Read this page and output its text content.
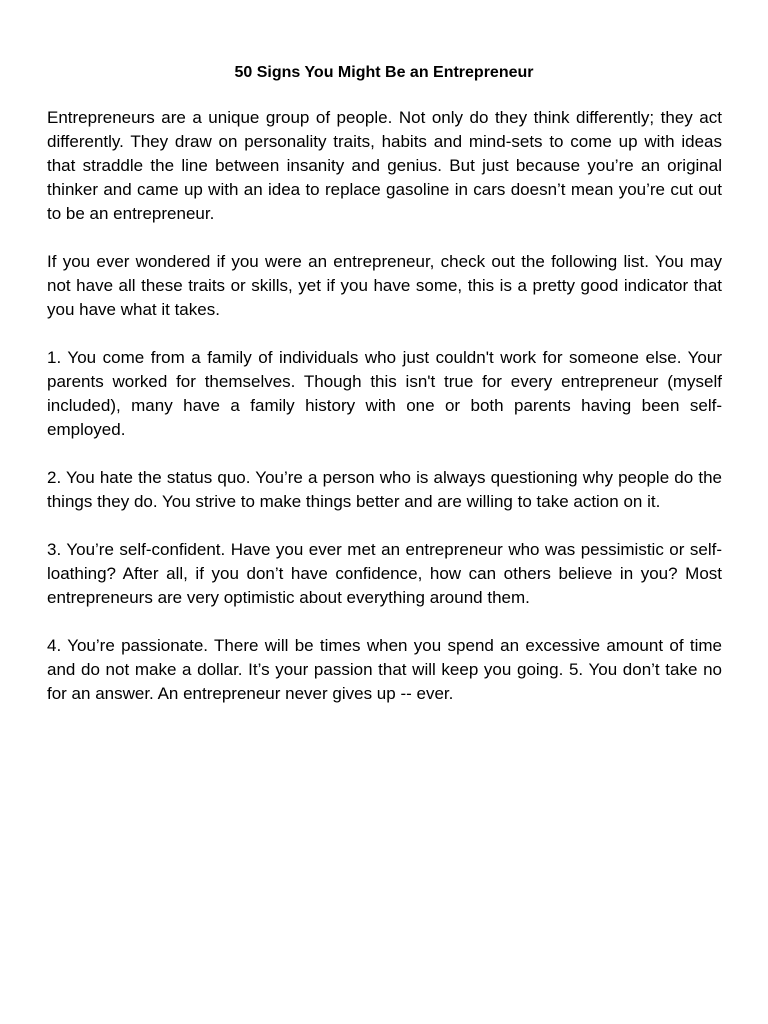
50 Signs You Might Be an Entrepreneur

Entrepreneurs are a unique group of people. Not only do they think differently; they act differently. They draw on personality traits, habits and mind-sets to come up with ideas that straddle the line between insanity and genius. But just because you’re an original thinker and came up with an idea to replace gasoline in cars doesn’t mean you’re cut out to be an entrepreneur.

If you ever wondered if you were an entrepreneur, check out the following list. You may not have all these traits or skills, yet if you have some, this is a pretty good indicator that you have what it takes.

1. You come from a family of individuals who just couldn't work for someone else. Your parents worked for themselves. Though this isn't true for every entrepreneur (myself included), many have a family history with one or both parents having been self-employed.

2. You hate the status quo. You’re a person who is always questioning why people do the things they do. You strive to make things better and are willing to take action on it.

3. You’re self-confident. Have you ever met an entrepreneur who was pessimistic or self-loathing? After all, if you don’t have confidence, how can others believe in you? Most entrepreneurs are very optimistic about everything around them.

4. You’re passionate. There will be times when you spend an excessive amount of time and do not make a dollar. It’s your passion that will keep you going. 5. You don’t take no for an answer. An entrepreneur never gives up -- ever.
